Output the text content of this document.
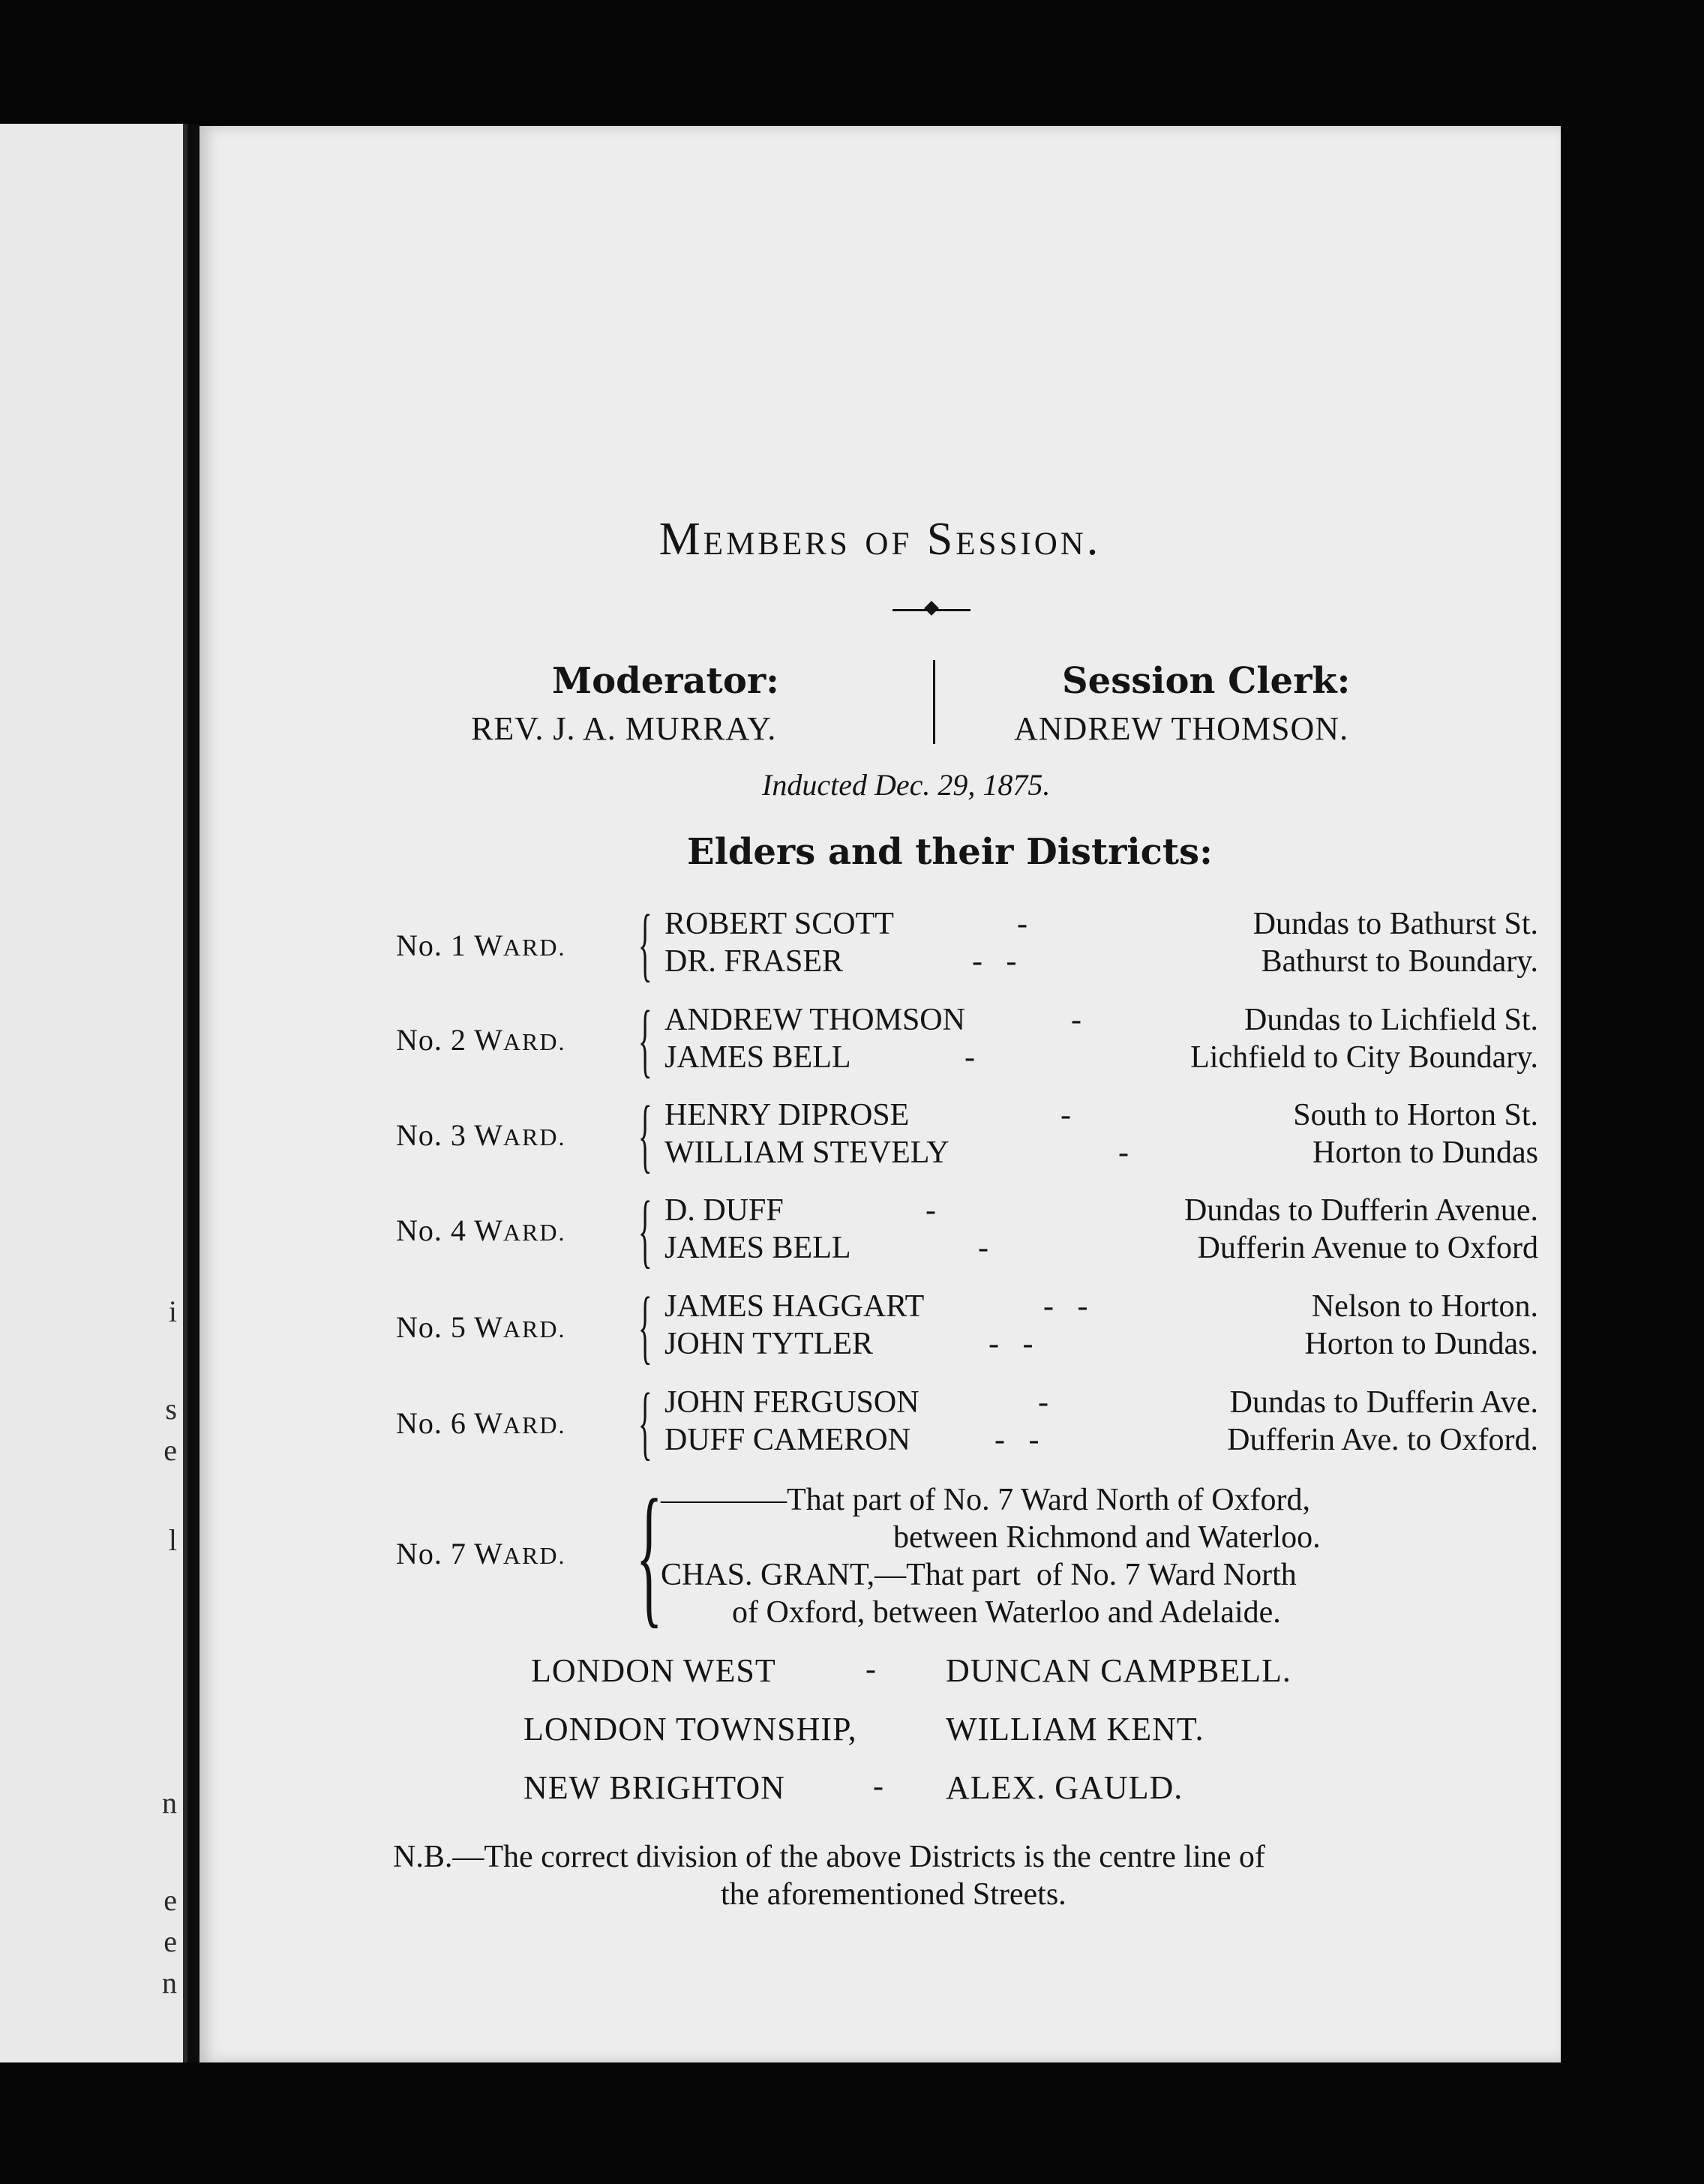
i
s
e
l
n
e
e
n
Members of Session.
Moderator:
REV. J. A. MURRAY.
Session Clerk:
ANDREW THOMSON.
Inducted Dec. 29, 1875.
Elders and their Districts:
No. 1 WARD. { ROBERT SCOTT	-	Dundas to Bathurst St.
DR. FRASER	-   -	Bathurst to Boundary.
No. 2 WARD. { ANDREW THOMSON	-	Dundas to Lichfield St.
JAMES BELL	-	Lichfield to City Boundary.
No. 3 WARD. { HENRY DIPROSE	-	South to Horton St.
WILLIAM STEVELY	-	Horton to Dundas
No. 4 WARD. { D. DUFF	-	Dundas to Dufferin Avenue.
JAMES BELL	-	Dufferin Avenue to Oxford
No. 5 WARD. { JAMES HAGGART	-   -	Nelson to Horton.
JOHN TYTLER	-   -	Horton to Dundas.
No. 6 WARD. { JOHN FERGUSON	-	Dundas to Dufferin Ave.
DUFF CAMERON	-   -	Dufferin Ave. to Oxford.
No. 7 WARD. {
————That part of No. 7 Ward North of Oxford,
between Richmond and Waterloo.
CHAS. GRANT,—That part  of No. 7 Ward North
of Oxford, between Waterloo and Adelaide.
LONDON WEST	- DUNCAN CAMPBELL.
LONDON TOWNSHIP,	WILLIAM KENT.
NEW BRIGHTON	- ALEX. GAULD.
N.B.—The correct division of the above Districts is the centre line of
the aforementioned Streets.
